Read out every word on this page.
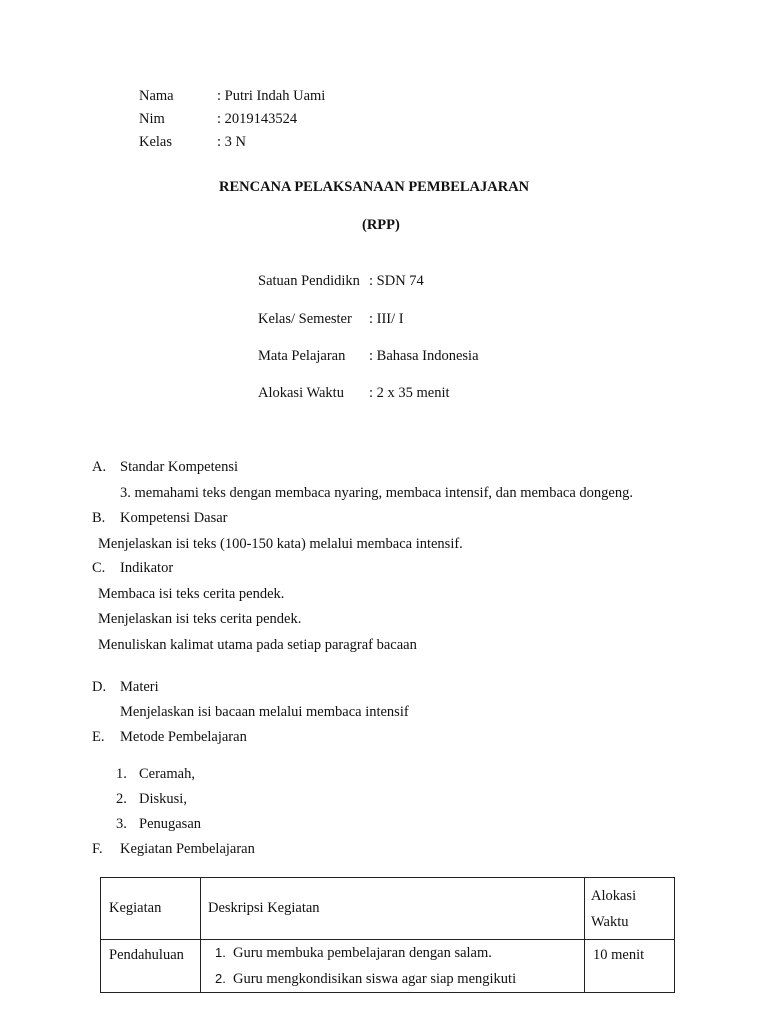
Nama	: Putri Indah Uami
Nim	: 2019143524
Kelas	: 3 N
RENCANA PELAKSANAAN PEMBELAJARAN
(RPP)
Satuan Pendidikn : SDN 74
Kelas/ Semester : III/ I
Mata Pelajaran : Bahasa Indonesia
Alokasi Waktu : 2 x 35 menit
A. Standar Kompetensi
3. memahami teks dengan membaca nyaring, membaca intensif, dan membaca dongeng.
B. Kompetensi Dasar
Menjelaskan isi teks (100-150 kata) melalui membaca intensif.
C. Indikator
Membaca isi teks cerita pendek.
Menjelaskan isi teks cerita pendek.
Menuliskan kalimat utama pada setiap paragraf bacaan
D. Materi
Menjelaskan isi bacaan melalui membaca intensif
E. Metode Pembelajaran
1. Ceramah,
2. Diskusi,
3. Penugasan
F. Kegiatan Pembelajaran
Kegiatan	Deskripsi Kegiatan	Alokasi
Waktu

Pendahuluan	1. Guru membuka pembelajaran dengan salam.
2. Guru mengkondisikan siswa agar siap mengikuti	10 menit
